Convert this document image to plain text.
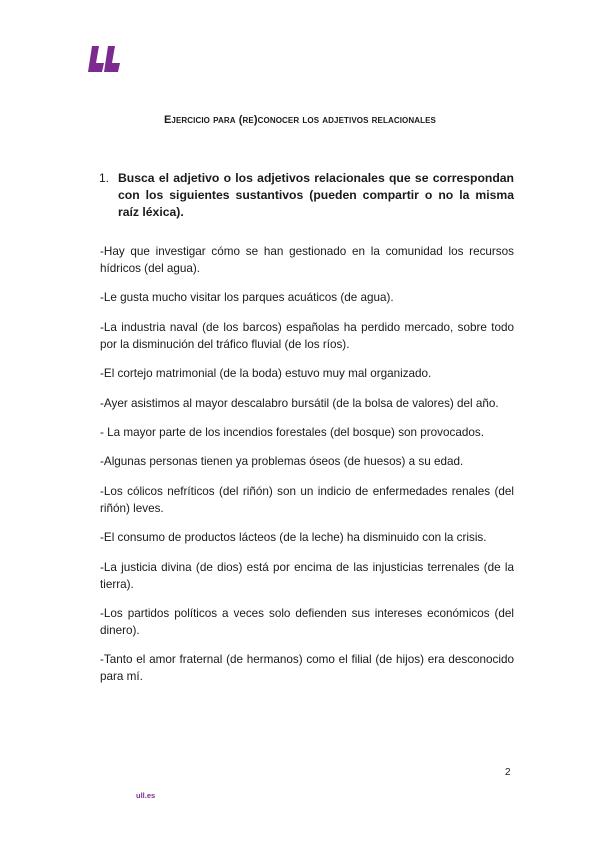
Ejercicio para (re)conocer los adjetivos relacionales
1. Busca el adjetivo o los adjetivos relacionales que se correspondan con los siguientes sustantivos (pueden compartir o no la misma raíz léxica).
-Hay que investigar cómo se han gestionado en la comunidad los recursos hídricos (del agua).
-Le gusta mucho visitar los parques acuáticos (de agua).
-La industria naval (de los barcos) españolas ha perdido mercado, sobre todo por la disminución del tráfico fluvial (de los ríos).
-El cortejo matrimonial (de la boda) estuvo muy mal organizado.
-Ayer asistimos al mayor descalabro bursátil (de la bolsa de valores) del año.
- La mayor parte de los incendios forestales (del bosque) son provocados.
-Algunas personas tienen ya problemas óseos (de huesos) a su edad.
-Los cólicos nefríticos (del riñón) son un indicio de enfermedades renales (del riñón) leves.
-El consumo de productos lácteos (de la leche) ha disminuido con la crisis.
-La justicia divina (de dios) está por encima de las injusticias terrenales (de la tierra).
-Los partidos políticos a veces solo defienden sus intereses económicos (del dinero).
-Tanto el amor fraternal (de hermanos) como el filial (de hijos) era desconocido para mí.
2
ull.es
